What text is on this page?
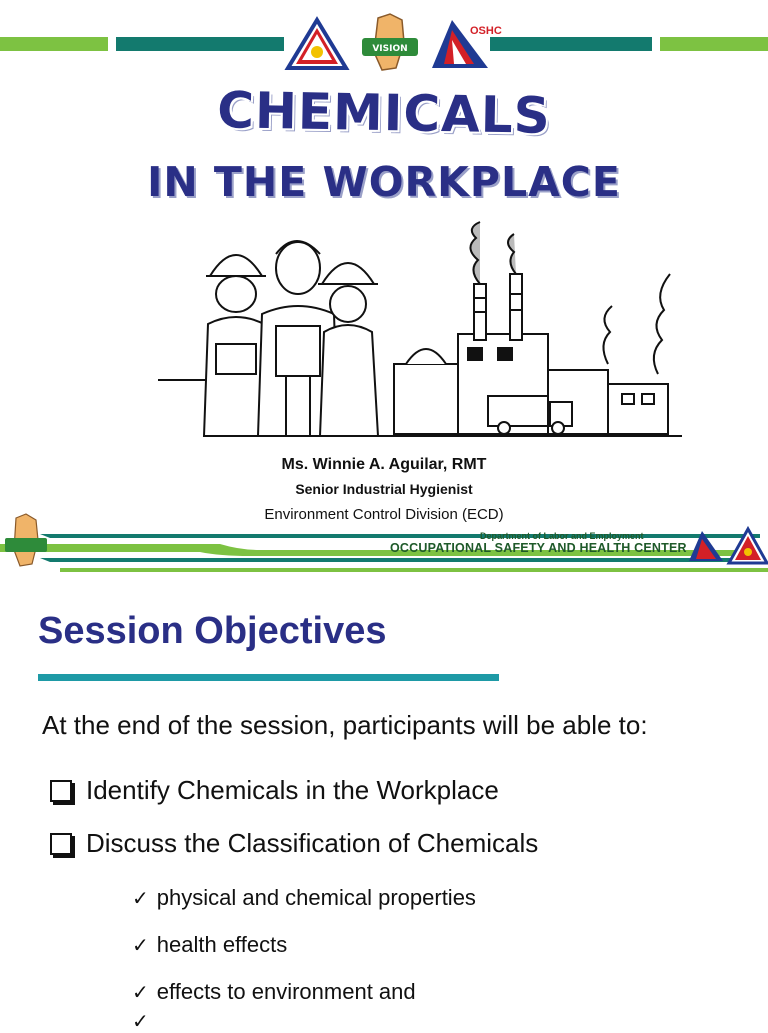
VISION
OSHC
CHEMICALS
IN THE WORKPLACE
Ms. Winnie A. Aguilar, RMT
Senior Industrial Hygienist
Environment Control Division (ECD)
Department of Labor and Employment
OCCUPATIONAL SAFETY AND HEALTH CENTER
Session Objectives
At the end of the session, participants will be able to:
Identify Chemicals in the Workplace
Discuss the Classification of Chemicals
✓ physical and chemical properties
✓ health effects
✓ effects to environment and
✓
